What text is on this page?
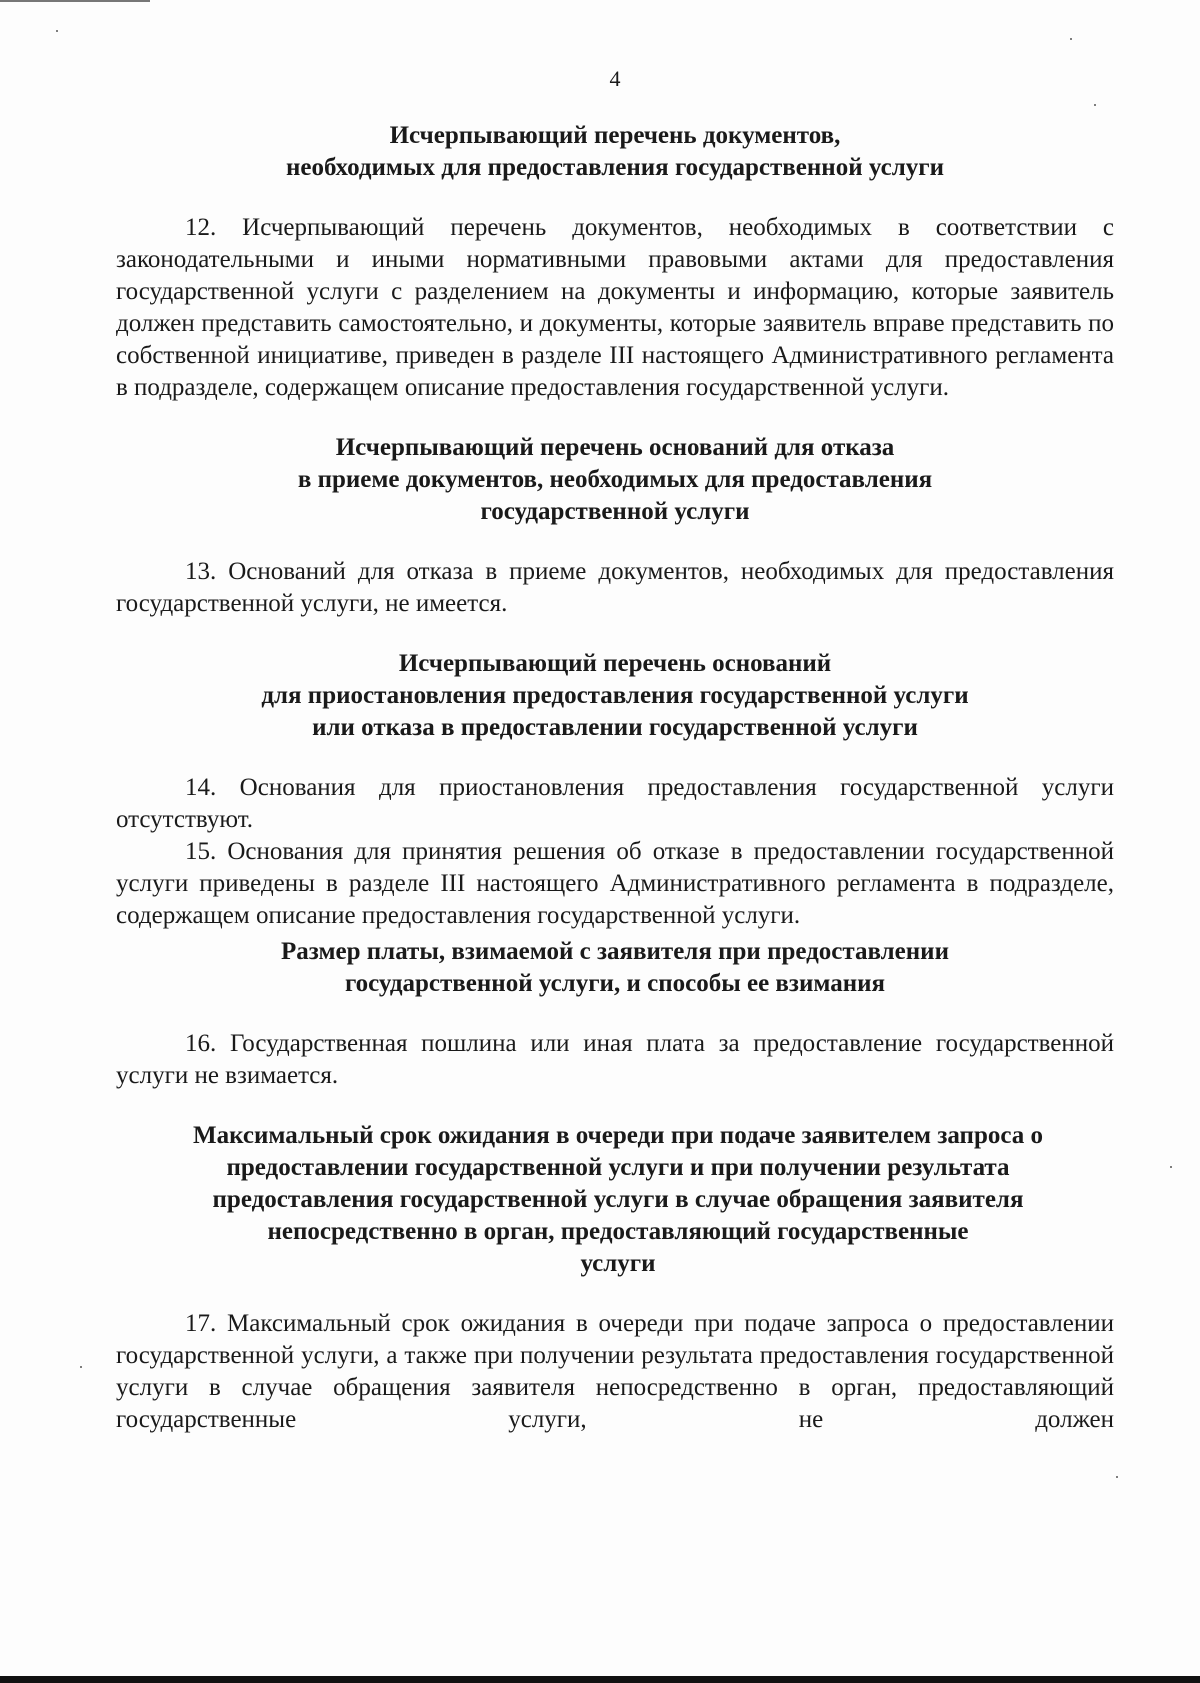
4
Исчерпывающий перечень документов,
необходимых для предоставления государственной услуги

12. Исчерпывающий перечень документов, необходимых в соответствии с законодательными и иными нормативными правовыми актами для предоставления государственной услуги с разделением на документы и информацию, которые заявитель должен представить самостоятельно, и документы, которые заявитель вправе представить по собственной инициативе, приведен в разделе III настоящего Административного регламента в подразделе, содержащем описание предоставления государственной услуги.

Исчерпывающий перечень оснований для отказа
в приеме документов, необходимых для предоставления
государственной услуги

13. Оснований для отказа в приеме документов, необходимых для предоставления государственной услуги, не имеется.

Исчерпывающий перечень оснований
для приостановления предоставления государственной услуги
или отказа в предоставлении государственной услуги

14. Основания для приостановления предоставления государственной услуги отсутствуют.

15. Основания для принятия решения об отказе в предоставлении государственной услуги приведены в разделе III настоящего Административного регламента в подразделе, содержащем описание предоставления государственной услуги.

Размер платы, взимаемой с заявителя при предоставлении
государственной услуги, и способы ее взимания

16. Государственная пошлина или иная плата за предоставление государственной услуги не взимается.

Максимальный срок ожидания в очереди при подаче заявителем запроса о
предоставлении государственной услуги и при получении результата
предоставления государственной услуги в случае обращения заявителя
непосредственно в орган, предоставляющий государственные
услуги

17. Максимальный срок ожидания в очереди при подаче запроса о предоставлении государственной услуги, а также при получении результата предоставления государственной услуги в случае обращения заявителя непосредственно в орган, предоставляющий государственные услуги, не должен
